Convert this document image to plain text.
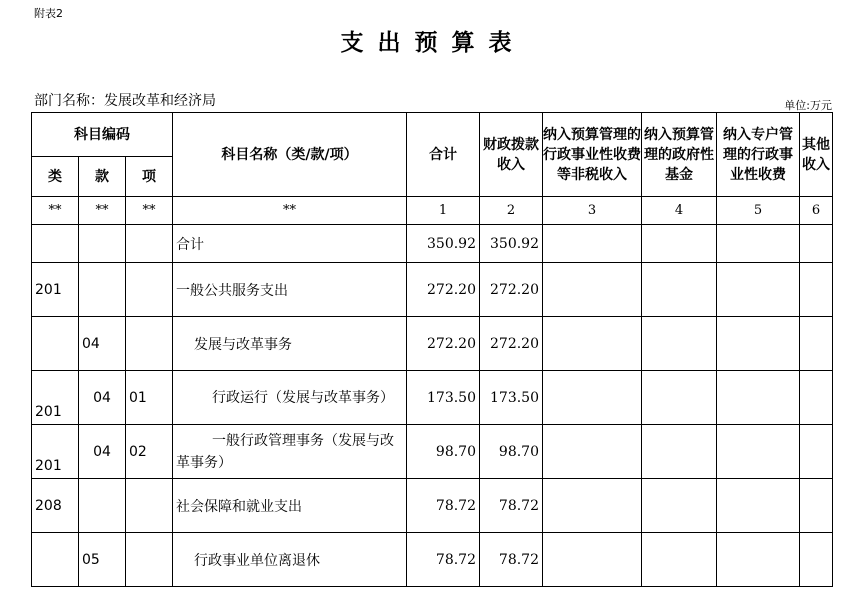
附表2
支出预算表
部门名称：发展改革和经济局	单位:万元
科目编码			科目名称（类/款/项）	合计	财政拨款收入	纳入预算管理的行政事业性收费等非税收入	纳入预算管理的政府性基金	纳入专户管理的行政事业性收费	其他收入
类	款	项							
**	**	**	**	1	2	3	4	5	6
			合计	350.92	350.92				
201			一般公共服务支出	272.20	272.20				
	04		发展与改革事务	272.20	272.20				
201	04	01	行政运行（发展与改革事务）	173.50	173.50				
201	04	02	一般行政管理事务（发展与改革事务）	98.70	98.70				
208			社会保障和就业支出	78.72	78.72				
	05		行政事业单位离退休	78.72	78.72				
